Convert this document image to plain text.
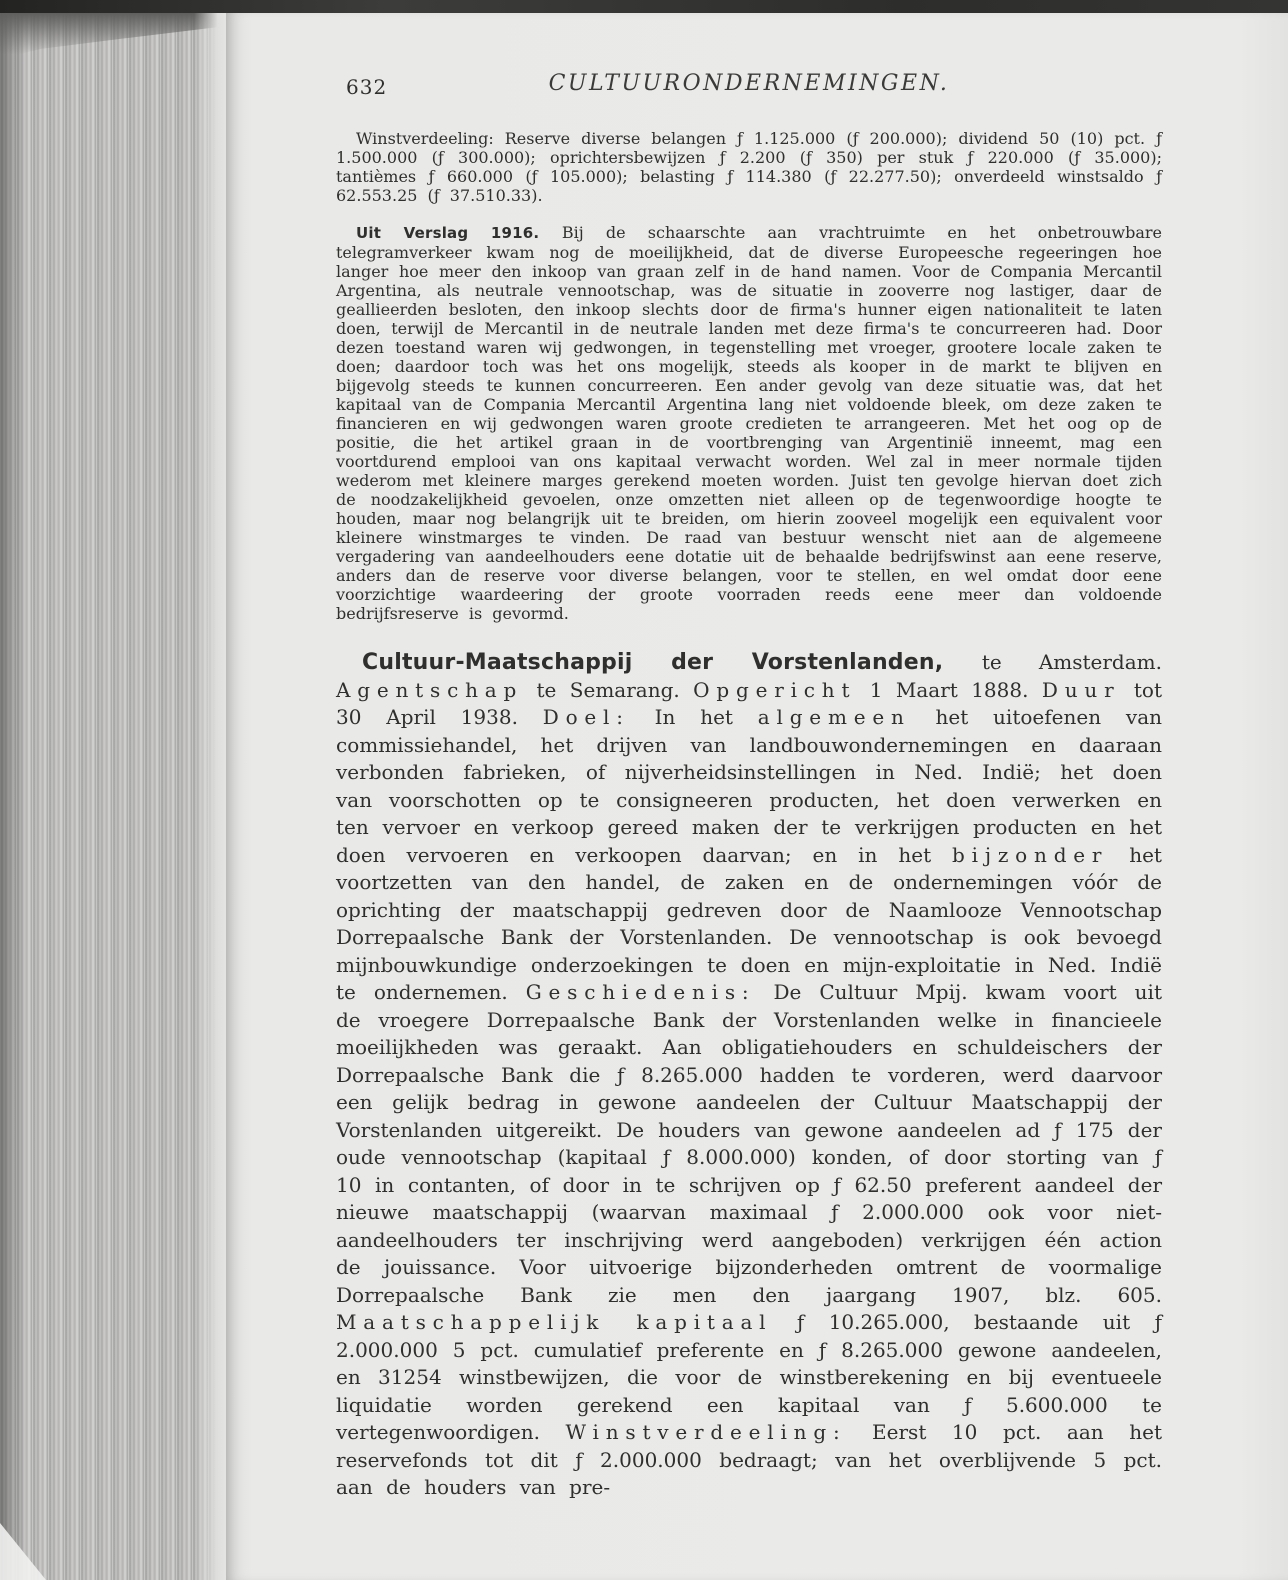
632	CULTUURONDERNEMINGEN.

Winstverdeeling: Reserve diverse belangen ƒ 1.125.000 (ƒ 200.000); dividend 50 (10) pct. ƒ 1.500.000 (ƒ 300.000); oprichtersbewijzen ƒ 2.200 (ƒ 350) per stuk ƒ 220.000 (ƒ 35.000); tantièmes ƒ 660.000 (ƒ 105.000); belasting ƒ 114.380 (ƒ 22.277.50); onverdeeld winstsaldo ƒ 62.553.25 (ƒ 37.510.33).

Uit Verslag 1916. Bij de schaarschte aan vrachtruimte en het onbetrouwbare telegramverkeer kwam nog de moeilijkheid, dat de diverse Europeesche regeeringen hoe langer hoe meer den inkoop van graan zelf in de hand namen. Voor de Compania Mercantil Argentina, als neutrale vennootschap, was de situatie in zooverre nog lastiger, daar de geallieerden besloten, den inkoop slechts door de firma's hunner eigen nationaliteit te laten doen, terwijl de Mercantil in de neutrale landen met deze firma's te concurreeren had. Door dezen toestand waren wij gedwongen, in tegenstelling met vroeger, grootere locale zaken te doen; daardoor toch was het ons mogelijk, steeds als kooper in de markt te blijven en bijgevolg steeds te kunnen concurreeren. Een ander gevolg van deze situatie was, dat het kapitaal van de Compania Mercantil Argentina lang niet voldoende bleek, om deze zaken te financieren en wij gedwongen waren groote credieten te arrangeeren. Met het oog op de positie, die het artikel graan in de voortbrenging van Argentinië inneemt, mag een voortdurend emplooi van ons kapitaal verwacht worden. Wel zal in meer normale tijden wederom met kleinere marges gerekend moeten worden. Juist ten gevolge hiervan doet zich de noodzakelijkheid gevoelen, onze omzetten niet alleen op de tegenwoordige hoogte te houden, maar nog belangrijk uit te breiden, om hierin zooveel mogelijk een equivalent voor kleinere winstmarges te vinden. De raad van bestuur wenscht niet aan de algemeene vergadering van aandeelhouders eene dotatie uit de behaalde bedrijfswinst aan eene reserve, anders dan de reserve voor diverse belangen, voor te stellen, en wel omdat door eene voorzichtige waardeering der groote voorraden reeds eene meer dan voldoende bedrijfsreserve is gevormd.

Cultuur-Maatschappij der Vorstenlanden, te Amsterdam. Agentschap te Semarang. Opgericht 1 Maart 1888. Duur tot 30 April 1938. Doel: In het algemeen het uitoefenen van commissiehandel, het drijven van landbouwondernemingen en daaraan verbonden fabrieken, of nijverheidsinstellingen in Ned. Indië; het doen van voorschotten op te consigneeren producten, het doen verwerken en ten vervoer en verkoop gereed maken der te verkrijgen producten en het doen vervoeren en verkoopen daarvan; en in het bijzonder het voortzetten van den handel, de zaken en de ondernemingen vóór de oprichting der maatschappij gedreven door de Naamlooze Vennootschap Dorrepaalsche Bank der Vorstenlanden. De vennootschap is ook bevoegd mijnbouwkundige onderzoekingen te doen en mijn-exploitatie in Ned. Indië te ondernemen. Geschiedenis: De Cultuur Mpij. kwam voort uit de vroegere Dorrepaalsche Bank der Vorstenlanden welke in financieele moeilijkheden was geraakt. Aan obligatiehouders en schuldeischers der Dorrepaalsche Bank die ƒ 8.265.000 hadden te vorderen, werd daarvoor een gelijk bedrag in gewone aandeelen der Cultuur Maatschappij der Vorstenlanden uitgereikt. De houders van gewone aandeelen ad ƒ 175 der oude vennootschap (kapitaal ƒ 8.000.000) konden, of door storting van ƒ 10 in contanten, of door in te schrijven op ƒ 62.50 preferent aandeel der nieuwe maatschappij (waarvan maximaal ƒ 2.000.000 ook voor niet-aandeelhouders ter inschrijving werd aangeboden) verkrijgen één action de jouissance. Voor uitvoerige bijzonderheden omtrent de voormalige Dorrepaalsche Bank zie men den jaargang 1907, blz. 605. Maatschappelijk kapitaal ƒ 10.265.000, bestaande uit ƒ 2.000.000 5 pct. cumulatief preferente en ƒ 8.265.000 gewone aandeelen, en 31254 winstbewijzen, die voor de winstberekening en bij eventueele liquidatie worden gerekend een kapitaal van ƒ 5.600.000 te vertegenwoordigen. Winstverdeeling: Eerst 10 pct. aan het reservefonds tot dit ƒ 2.000.000 bedraagt; van het overblijvende 5 pct. aan de houders van pre-
